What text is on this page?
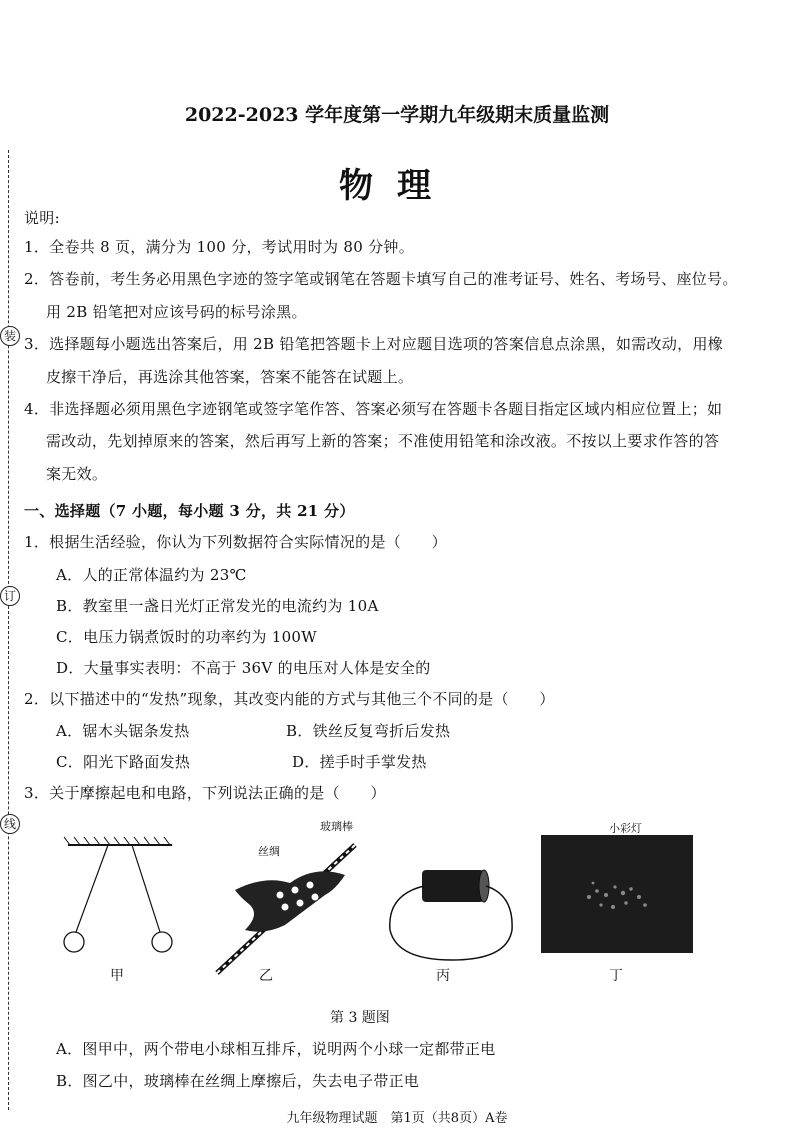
装
订
线
2022-2023 学年度第一学期九年级期末质量监测
物理
说明:
1．全卷共 8 页，满分为 100 分，考试用时为 80 分钟。
2．答卷前，考生务必用黑色字迹的签字笔或钢笔在答题卡填写自己的准考证号、姓名、考场号、座位号。
用 2B 铅笔把对应该号码的标号涂黑。
3．选择题每小题选出答案后，用 2B 铅笔把答题卡上对应题目选项的答案信息点涂黑，如需改动，用橡
皮擦干净后，再选涂其他答案，答案不能答在试题上。
4．非选择题必须用黑色字迹钢笔或签字笔作答、答案必须写在答题卡各题目指定区域内相应位置上；如
需改动，先划掉原来的答案，然后再写上新的答案；不准使用铅笔和涂改液。不按以上要求作答的答
案无效。
一、选择题（7 小题，每小题 3 分，共 21 分）
1．根据生活经验，你认为下列数据符合实际情况的是（　　）
A．人的正常体温约为 23℃
B．教室里一盏日光灯正常发光的电流约为 10A
C．电压力锅煮饭时的功率约为 100W
D．大量事实表明：不高于 36V 的电压对人体是安全的
2．以下描述中的“发热”现象，其改变内能的方式与其他三个不同的是（　　）
A．锯木头锯条发热	B．铁丝反复弯折后发热
C．阳光下路面发热	D．搓手时手掌发热
3．关于摩擦起电和电路，下列说法正确的是（　　）
甲
丝绸
玻璃棒
乙	丙
小彩灯
丁
第 3 题图
A．图甲中，两个带电小球相互排斥，说明两个小球一定都带正电
B．图乙中，玻璃棒在丝绸上摩擦后，失去电子带正电
九年级物理试题　第1页（共8页）A卷
